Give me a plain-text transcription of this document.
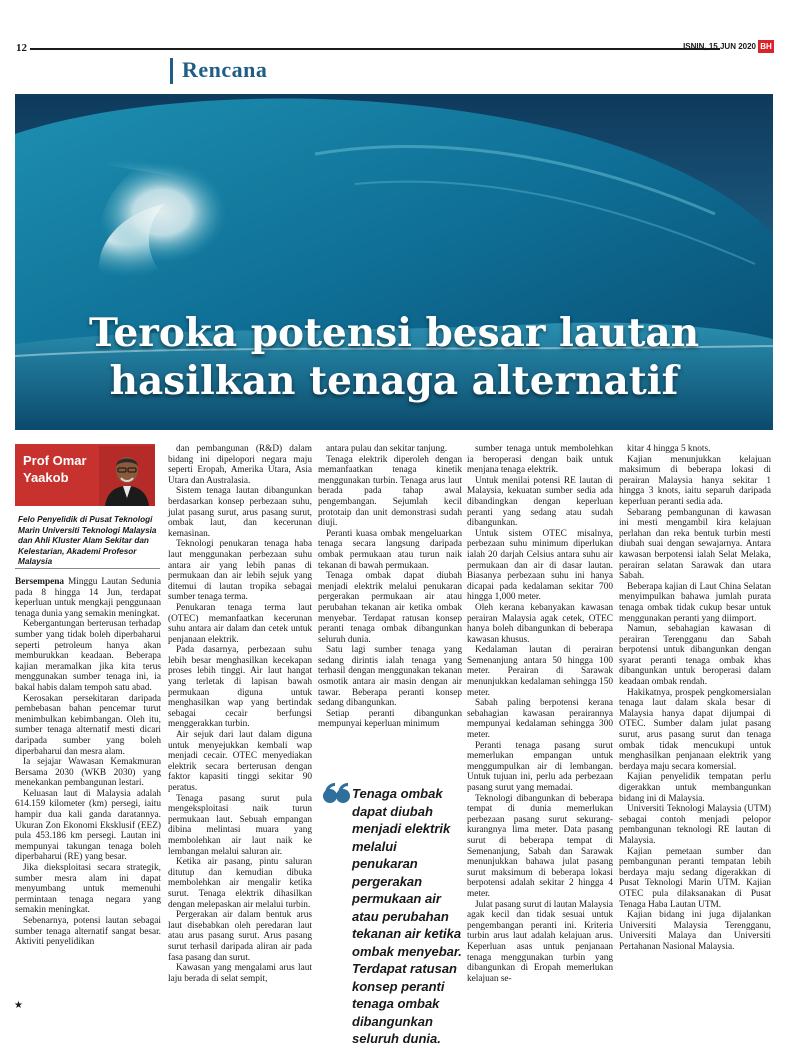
12	ISNIN, 15 JUN 2020 BH
Rencana
Teroka potensi besar lautan
hasilkan tenaga alternatif
Prof Omar
Yaakob
Felo Penyelidik di Pusat Teknologi Marin Universiti Teknologi Malaysia dan Ahli Kluster Alam Sekitar dan Kelestarian, Akademi Profesor Malaysia

Bersempena Minggu Lautan Sedunia pada 8 hingga 14 Jun, terdapat keperluan untuk mengkaji penggunaan tenaga dunia yang semakin meningkat.

Kebergantungan berterusan terhadap sumber yang tidak boleh diperbaharui seperti petroleum hanya akan memburukkan keadaan. Beberapa kajian meramalkan jika kita terus menggunakan sumber tenaga ini, ia bakal habis dalam tempoh satu abad.

Kerosakan persekitaran daripada pembebasan bahan pencemar turut menimbulkan kebimbangan. Oleh itu, sumber tenaga alternatif mesti dicari daripada sumber yang boleh diperbaharui dan mesra alam.

Ia sejajar Wawasan Kemakmuran Bersama 2030 (WKB 2030) yang menekankan pembangunan lestari.

Keluasan laut di Malaysia adalah 614.159 kilometer (km) persegi, iaitu hampir dua kali ganda daratannya. Ukuran Zon Ekonomi Eksklusif (EEZ) pula 453.186 km persegi. Lautan ini mempunyai takungan tenaga boleh diperbaharui (RE) yang besar.

Jika dieksploitasi secara strategik, sumber mesra alam ini dapat menyumbang untuk memenuhi permintaan tenaga negara yang semakin meningkat.

Sebenarnya, potensi lautan sebagai sumber tenaga alternatif sangat besar. Aktiviti penyelidikan

dan pembangunan (R&D) dalam bidang ini dipelopori negara maju seperti Eropah, Amerika Utara, Asia Utara dan Australasia.

Sistem tenaga lautan dibangunkan berdasarkan konsep perbezaan suhu, julat pasang surut, arus pasang surut, ombak laut, dan kecerunan kemasinan.

Teknologi penukaran tenaga haba laut menggunakan perbezaan suhu antara air yang lebih panas di permukaan dan air lebih sejuk yang ditemui di lautan tropika sebagai sumber tenaga terma.

Penukaran tenaga terma laut (OTEC) memanfaatkan kecerunan suhu antara air dalam dan cetek untuk penjanaan elektrik.

Pada dasarnya, perbezaan suhu lebih besar menghasilkan kecekapan proses lebih tinggi. Air laut hangat yang terletak di lapisan bawah permukaan diguna untuk menghasilkan wap yang bertindak sebagai cecair berfungsi menggerakkan turbin.

Air sejuk dari laut dalam diguna untuk menyejukkan kembali wap menjadi cecair. OTEC menyediakan elektrik secara berterusan dengan faktor kapasiti tinggi sekitar 90 peratus.

Tenaga pasang surut pula mengeksploitasi naik turun permukaan laut. Sebuah empangan dibina melintasi muara yang membolehkan air laut naik ke lembangan melalui saluran air.

Ketika air pasang, pintu saluran ditutup dan kemudian dibuka membolehkan air mengalir ketika surut. Tenaga elektrik dihasilkan dengan melepaskan air melalui turbin.

Pergerakan air dalam bentuk arus laut disebabkan oleh peredaran laut atau arus pasang surut. Arus pasang surut terhasil daripada aliran air pada fasa pasang dan surut.

Kawasan yang mengalami arus laut laju berada di selat sempit,

antara pulau dan sekitar tanjung.

Tenaga elektrik diperoleh dengan memanfaatkan tenaga kinetik menggunakan turbin. Tenaga arus laut berada pada tahap awal pengembangan. Sejumlah kecil prototaip dan unit demonstrasi sudah diuji.

Peranti kuasa ombak mengeluarkan tenaga secara langsung daripada ombak permukaan atau turun naik tekanan di bawah permukaan.

Tenaga ombak dapat diubah menjadi elektrik melalui penukaran pergerakan permukaan air atau perubahan tekanan air ketika ombak menyebar. Terdapat ratusan konsep peranti tenaga ombak dibangunkan seluruh dunia.

Satu lagi sumber tenaga yang sedang dirintis ialah tenaga yang terhasil dengan menggunakan tekanan osmotik antara air masin dengan air tawar. Beberapa peranti konsep sedang dibangunkan.

Setiap peranti dibangunkan mempunyai keperluan minimum

sumber tenaga untuk membolehkan ia beroperasi dengan baik untuk menjana tenaga elektrik.

Untuk menilai potensi RE lautan di Malaysia, kekuatan sumber sedia ada dibandingkan dengan keperluan peranti yang sedang atau sudah dibangunkan.

Untuk sistem OTEC misalnya, perbezaan suhu minimum diperlukan ialah 20 darjah Celsius antara suhu air permukaan dan air di dasar lautan. Biasanya perbezaan suhu ini hanya dicapai pada kedalaman sekitar 700 hingga 1,000 meter.

Oleh kerana kebanyakan kawasan perairan Malaysia agak cetek, OTEC hanya boleh dibangunkan di beberapa kawasan khusus.

Kedalaman lautan di perairan Semenanjung antara 50 hingga 100 meter. Perairan di Sarawak menunjukkan kedalaman sehingga 150 meter.

Sabah paling berpotensi kerana sebahagian kawasan perairannya mempunyai kedalaman sehingga 300 meter.

Peranti tenaga pasang surut memerlukan empangan untuk menggumpulkan air di lembangan. Untuk tujuan ini, perlu ada perbezaan pasang surut yang memadai.

Teknologi dibangunkan di beberapa tempat di dunia memerlukan perbezaan pasang surut sekurang-kurangnya lima meter. Data pasang surut di beberapa tempat di Semenanjung, Sabah dan Sarawak menunjukkan bahawa julat pasang surut maksimum di beberapa lokasi berpotensi adalah sekitar 2 hingga 4 meter.

Julat pasang surut di lautan Malaysia agak kecil dan tidak sesuai untuk pengembangan peranti ini. Kriteria turbin arus laut adalah kelajuan arus. Keperluan asas untuk penjanaan tenaga menggunakan turbin yang dibangunkan di Eropah memerlukan kelajuan se-

kitar 4 hingga 5 knots.

Kajian menunjukkan kelajuan maksimum di beberapa lokasi di perairan Malaysia hanya sekitar 1 hingga 3 knots, iaitu separuh daripada keperluan peranti sedia ada.

Sebarang pembangunan di kawasan ini mesti mengambil kira kelajuan perlahan dan reka bentuk turbin mesti diubah suai dengan sewajarnya. Antara kawasan berpotensi ialah Selat Melaka, perairan selatan Sarawak dan utara Sabah.

Beberapa kajian di Laut China Selatan menyimpulkan bahawa jumlah purata tenaga ombak tidak cukup besar untuk menggunakan peranti yang diimport.

Namun, sebahagian kawasan di perairan Terengganu dan Sabah berpotensi untuk dibangunkan dengan syarat peranti tenaga ombak khas dibangunkan untuk beroperasi dalam keadaan ombak rendah.

Hakikatnya, prospek pengkomersialan tenaga laut dalam skala besar di Malaysia hanya dapat dijumpai di OTEC. Sumber dalam julat pasang surut, arus pasang surut dan tenaga ombak tidak mencukupi untuk menghasilkan penjanaan elektrik yang berdaya maju secara komersial.

Kajian penyelidik tempatan perlu digerakkan untuk membangunkan bidang ini di Malaysia.

Universiti Teknologi Malaysia (UTM) sebagai contoh menjadi pelopor pembangunan teknologi RE lautan di Malaysia.

Kajian pemetaan sumber dan pembangunan peranti tempatan lebih berdaya maju sedang digerakkan di Pusat Teknologi Marin UTM. Kajian OTEC pula dilaksanakan di Pusat Tenaga Haba Lautan UTM.

Kajian bidang ini juga dijalankan Universiti Malaysia Terengganu, Universiti Malaya dan Universiti Pertahanan Nasional Malaysia.

Tenaga ombak dapat diubah menjadi elektrik melalui penukaran pergerakan permukaan air atau perubahan tekanan air ketika ombak menyebar. Terdapat ratusan konsep peranti tenaga ombak dibangunkan seluruh dunia.
★
